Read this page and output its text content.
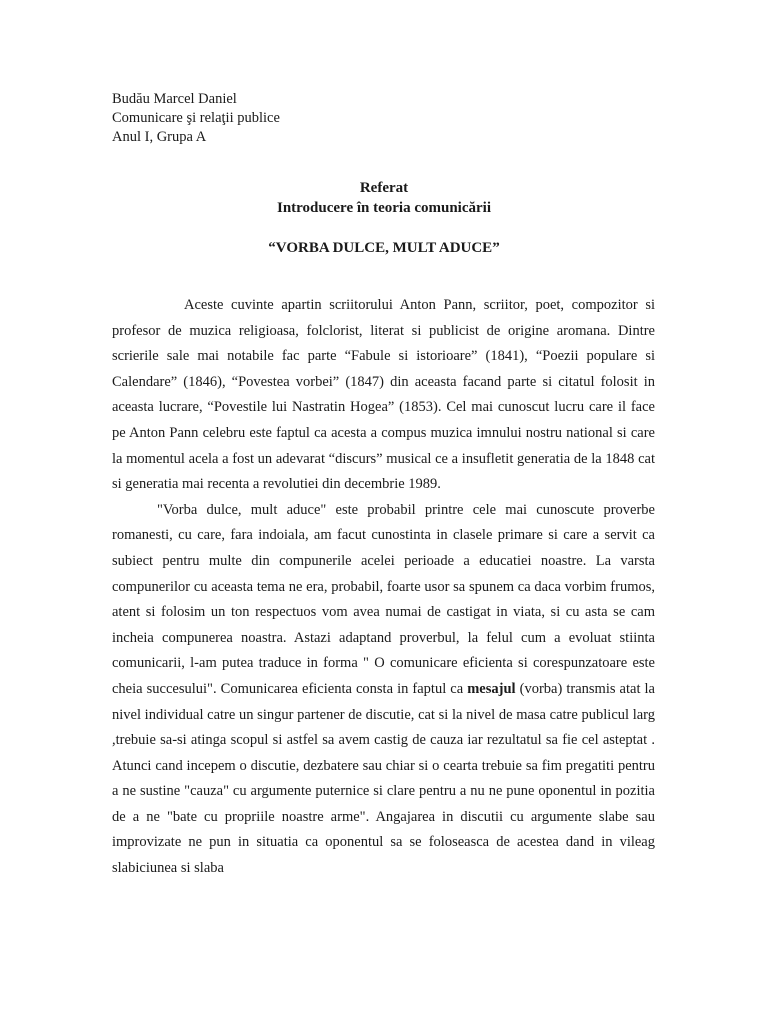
Budău Marcel Daniel
Comunicare şi relaţii publice
Anul I, Grupa A
Referat
Introducere în teoria comunicării
“VORBA DULCE, MULT ADUCE”

Aceste cuvinte apartin scriitorului Anton Pann, scriitor, poet, compozitor si profesor de muzica religioasa, folclorist, literat si publicist de origine aromana. Dintre scrierile sale mai notabile fac parte “Fabule si istorioare” (1841), “Poezii populare si Calendare” (1846), “Povestea vorbei” (1847) din aceasta facand parte si citatul folosit in aceasta lucrare, “Povestile lui Nastratin Hogea” (1853). Cel mai cunoscut lucru care il face pe Anton Pann celebru este faptul ca acesta a compus muzica imnului nostru national si care la momentul acela a fost un adevarat “discurs” musical ce a insufletit generatia de la 1848 cat si generatia mai recenta a revolutiei din decembrie 1989.

"Vorba dulce, mult aduce" este probabil printre cele mai cunoscute proverbe romanesti, cu care, fara indoiala, am facut cunostinta in clasele primare si care a servit ca subiect pentru multe din compunerile acelei perioade a educatiei noastre. La varsta compunerilor cu aceasta tema ne era, probabil, foarte usor sa spunem ca daca vorbim frumos, atent si folosim un ton respectuos vom avea numai de castigat in viata, si cu asta se cam incheia compunerea noastra. Astazi adaptand proverbul, la felul cum a evoluat stiinta comunicarii, l-am putea traduce in forma " O comunicare eficienta si corespunzatoare este cheia succesului". Comunicarea eficienta consta in faptul ca mesajul (vorba) transmis atat la nivel individual catre un singur partener de discutie, cat si la nivel de masa catre publicul larg ,trebuie sa-si atinga scopul si astfel sa avem castig de cauza iar rezultatul sa fie cel asteptat . Atunci cand incepem o discutie, dezbatere sau chiar si o cearta trebuie sa fim pregatiti pentru a ne sustine "cauza" cu argumente puternice si clare pentru a nu ne pune oponentul in pozitia de a ne "bate cu propriile noastre arme". Angajarea in discutii cu argumente slabe sau improvizate ne pun in situatia ca oponentul sa se foloseasca de acestea dand in vileag slabiciunea si slaba
